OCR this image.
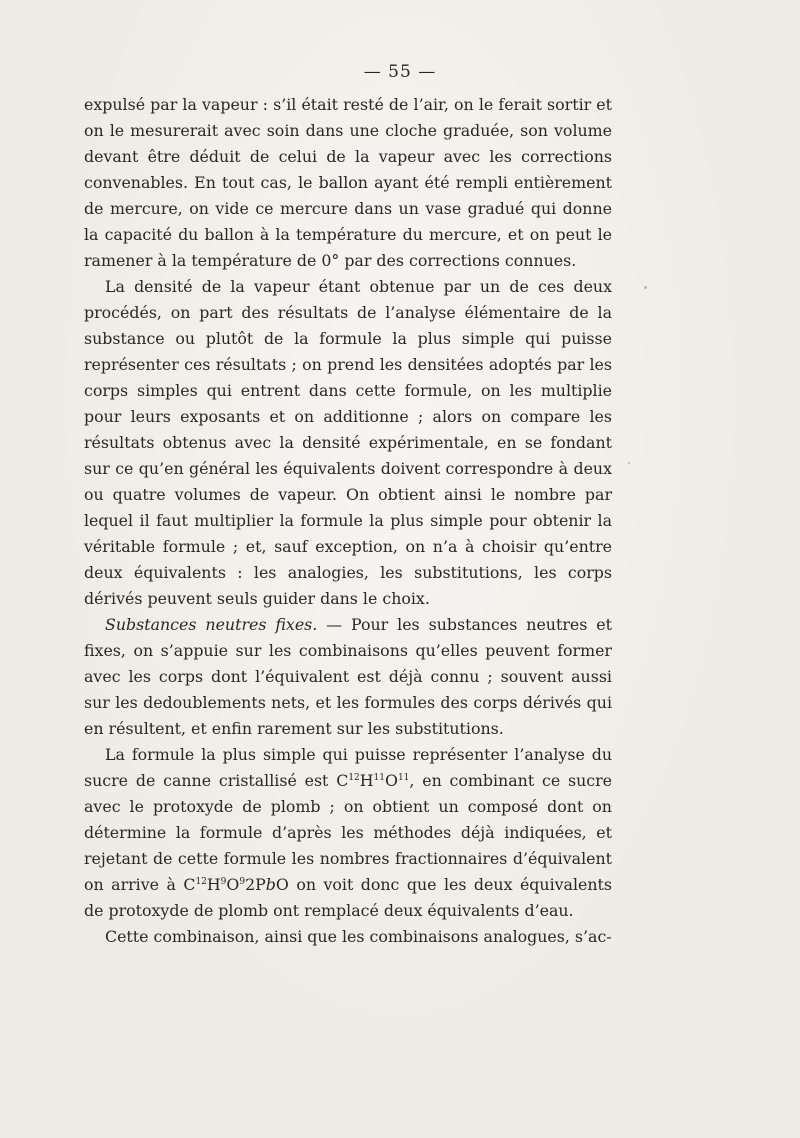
— 55 —

expulsé par la vapeur : s’il était resté de l’air, on le ferait sortir et on le mesurerait avec soin dans une cloche graduée, son volume devant être déduit de celui de la vapeur avec les corrections convenables. En tout cas, le ballon ayant été rempli entièrement de mercure, on vide ce mercure dans un vase gradué qui donne la capacité du ballon à la température du mercure, et on peut le ramener à la température de 0° par des corrections connues.

La densité de la vapeur étant obtenue par un de ces deux procédés, on part des résultats de l’analyse élémentaire de la substance ou plutôt de la formule la plus simple qui puisse représenter ces résultats ; on prend les densitées adoptés par les corps simples qui entrent dans cette formule, on les multiplie pour leurs exposants et on additionne ; alors on compare les résultats obtenus avec la densité expérimentale, en se fondant sur ce qu’en général les équivalents doivent correspondre à deux ou quatre volumes de vapeur. On obtient ainsi le nombre par lequel il faut multiplier la formule la plus simple pour obtenir la véritable formule ; et, sauf exception, on n’a à choisir qu’entre deux équivalents : les analogies, les substitutions, les corps dérivés peuvent seuls guider dans le choix.

Substances neutres fixes. — Pour les substances neutres et fixes, on s’appuie sur les combinaisons qu’elles peuvent former avec les corps dont l’équivalent est déjà connu ; souvent aussi sur les dedoublements nets, et les formules des corps dérivés qui en résultent, et enfin rarement sur les substitutions.

La formule la plus simple qui puisse représenter l’analyse du sucre de canne cristallisé est $C^{12}H^{11}O^{11}$, en combinant ce sucre avec le protoxyde de plomb ; on obtient un composé dont on détermine la formule d’après les méthodes déjà indiquées, et rejetant de cette formule les nombres fractionnaires d’équivalent on arrive à $C^{12}H^9O^92PbO$ on voit donc que les deux équivalents de protoxyde de plomb ont remplacé deux équivalents d’eau.

Cette combinaison, ainsi que les combinaisons analogues, s’ac-
